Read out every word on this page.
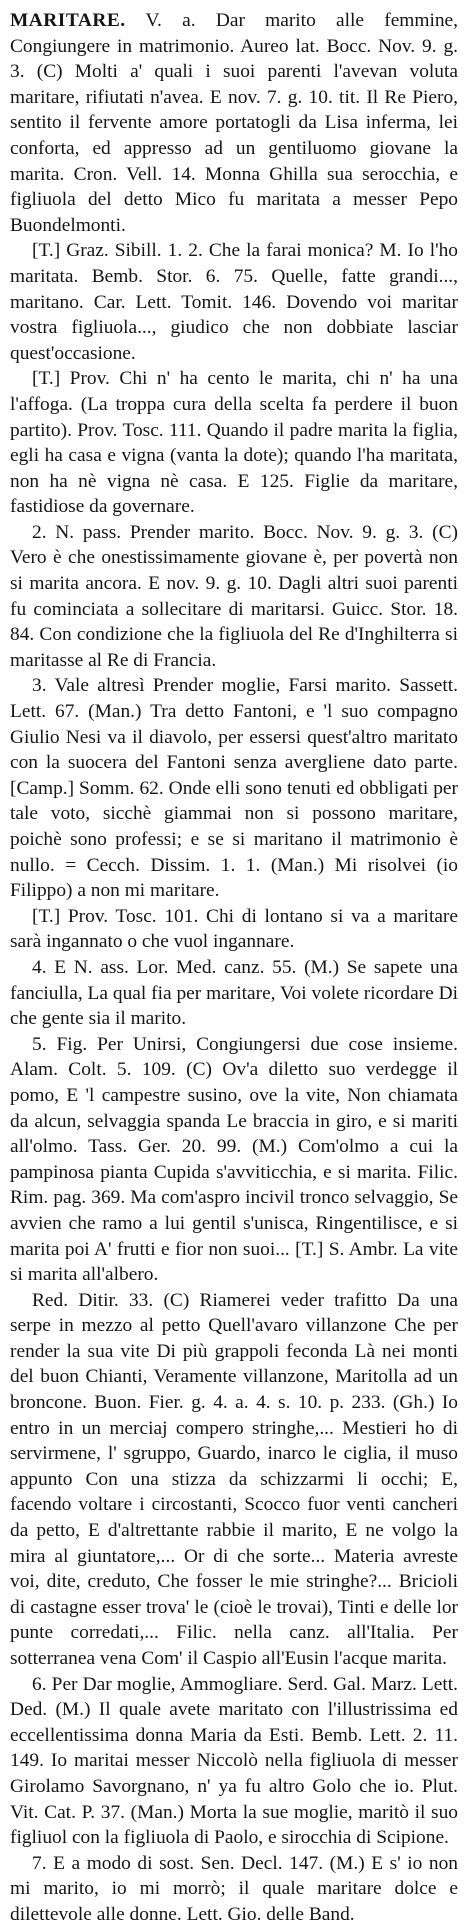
MARITARE. V. a. Dar marito alle femmine, Congiungere in matrimonio. Aureo lat. Bocc. Nov. 9. g. 3. (C) Molti a' quali i suoi parenti l'avevan voluta maritare, rifiutati n'avea. E nov. 7. g. 10. tit. Il Re Piero, sentito il fervente amore portatogli da Lisa inferma, lei conforta, ed appresso ad un gentiluomo giovane la marita. Cron. Vell. 14. Monna Ghilla sua serocchia, e figliuola del detto Mico fu maritata a messer Pepo Buondelmonti.

[T.] Graz. Sibill. 1. 2. Che la farai monica? M. Io l'ho maritata. Bemb. Stor. 6. 75. Quelle, fatte grandi..., maritano. Car. Lett. Tomit. 146. Dovendo voi maritar vostra figliuola..., giudico che non dobbiate lasciar quest'occasione.

[T.] Prov. Chi n' ha cento le marita, chi n' ha una l'affoga. (La troppa cura della scelta fa perdere il buon partito). Prov. Tosc. 111. Quando il padre marita la figlia, egli ha casa e vigna (vanta la dote); quando l'ha maritata, non ha nè vigna nè casa. E 125. Figlie da maritare, fastidiose da governare.

2. N. pass. Prender marito. Bocc. Nov. 9. g. 3. (C) Vero è che onestissimamente giovane è, per povertà non si marita ancora. E nov. 9. g. 10. Dagli altri suoi parenti fu cominciata a sollecitare di maritarsi. Guicc. Stor. 18. 84. Con condizione che la figliuola del Re d'Inghilterra si maritasse al Re di Francia.

3. Vale altresì Prender moglie, Farsi marito. Sassett. Lett. 67. (Man.) Tra detto Fantoni, e 'l suo compagno Giulio Nesi va il diavolo, per essersi quest'altro maritato con la suocera del Fantoni senza avergliene dato parte. [Camp.] Somm. 62. Onde elli sono tenuti ed obbligati per tale voto, sicchè giammai non si possono maritare, poichè sono professi; e se si maritano il matrimonio è nullo. = Cecch. Dissim. 1. 1. (Man.) Mi risolvei (io Filippo) a non mi maritare.

[T.] Prov. Tosc. 101. Chi di lontano si va a maritare sarà ingannato o che vuol ingannare.

4. E N. ass. Lor. Med. canz. 55. (M.) Se sapete una fanciulla, La qual fia per maritare, Voi volete ricordare Di che gente sia il marito.

5. Fig. Per Unirsi, Congiungersi due cose insieme. Alam. Colt. 5. 109. (C) Ov'a diletto suo verdegge il pomo, E 'l campestre susino, ove la vite, Non chiamata da alcun, selvaggia spanda Le braccia in giro, e si mariti all'olmo. Tass. Ger. 20. 99. (M.) Com'olmo a cui la pampinosa pianta Cupida s'avviticchia, e si marita. Filic. Rim. pag. 369. Ma com'aspro incivil tronco selvaggio, Se avvien che ramo a lui gentil s'unisca, Ringentilisce, e si marita poi A' frutti e fior non suoi... [T.] S. Ambr. La vite si marita all'albero.

Red. Ditir. 33. (C) Riamerei veder trafitto Da una serpe in mezzo al petto Quell'avaro villanzone Che per render la sua vite Di più grappoli feconda Là nei monti del buon Chianti, Veramente villanzone, Maritolla ad un broncone. Buon. Fier. g. 4. a. 4. s. 10. p. 233. (Gh.) Io entro in un merciaj compero stringhe,... Mestieri ho di servirmene, l' sgruppo, Guardo, inarco le ciglia, il muso appunto Con una stizza da schizzarmi li occhi; E, facendo voltare i circostanti, Scocco fuor venti cancheri da petto, E d'altrettante rabbie il marito, E ne volgo la mira al giuntatore,... Or di che sorte... Materia avreste voi, dite, creduto, Che fosser le mie stringhe?... Bricioli di castagne esser trova' le (cioè le trovai), Tinti e delle lor punte corredati,... Filic. nella canz. all'Italia. Per sotterranea vena Com' il Caspio all'Eusin l'acque marita.

6. Per Dar moglie, Ammogliare. Serd. Gal. Marz. Lett. Ded. (M.) Il quale avete maritato con l'illustrissima ed eccellentissima donna Maria da Esti. Bemb. Lett. 2. 11. 149. Io maritai messer Niccolò nella figliuola di messer Girolamo Savorgnano, n' ya fu altro Golo che io. Plut. Vit. Cat. P. 37. (Man.) Morta la sue moglie, maritò il suo figliuol con la figliuola di Paolo, e sirocchia di Scipione.

7. E a modo di sost. Sen. Decl. 147. (M.) E s' io non mi marito, io mi morrò; il quale maritare dolce e dilettevole alle donne. Lett. Gio. delle Band.
